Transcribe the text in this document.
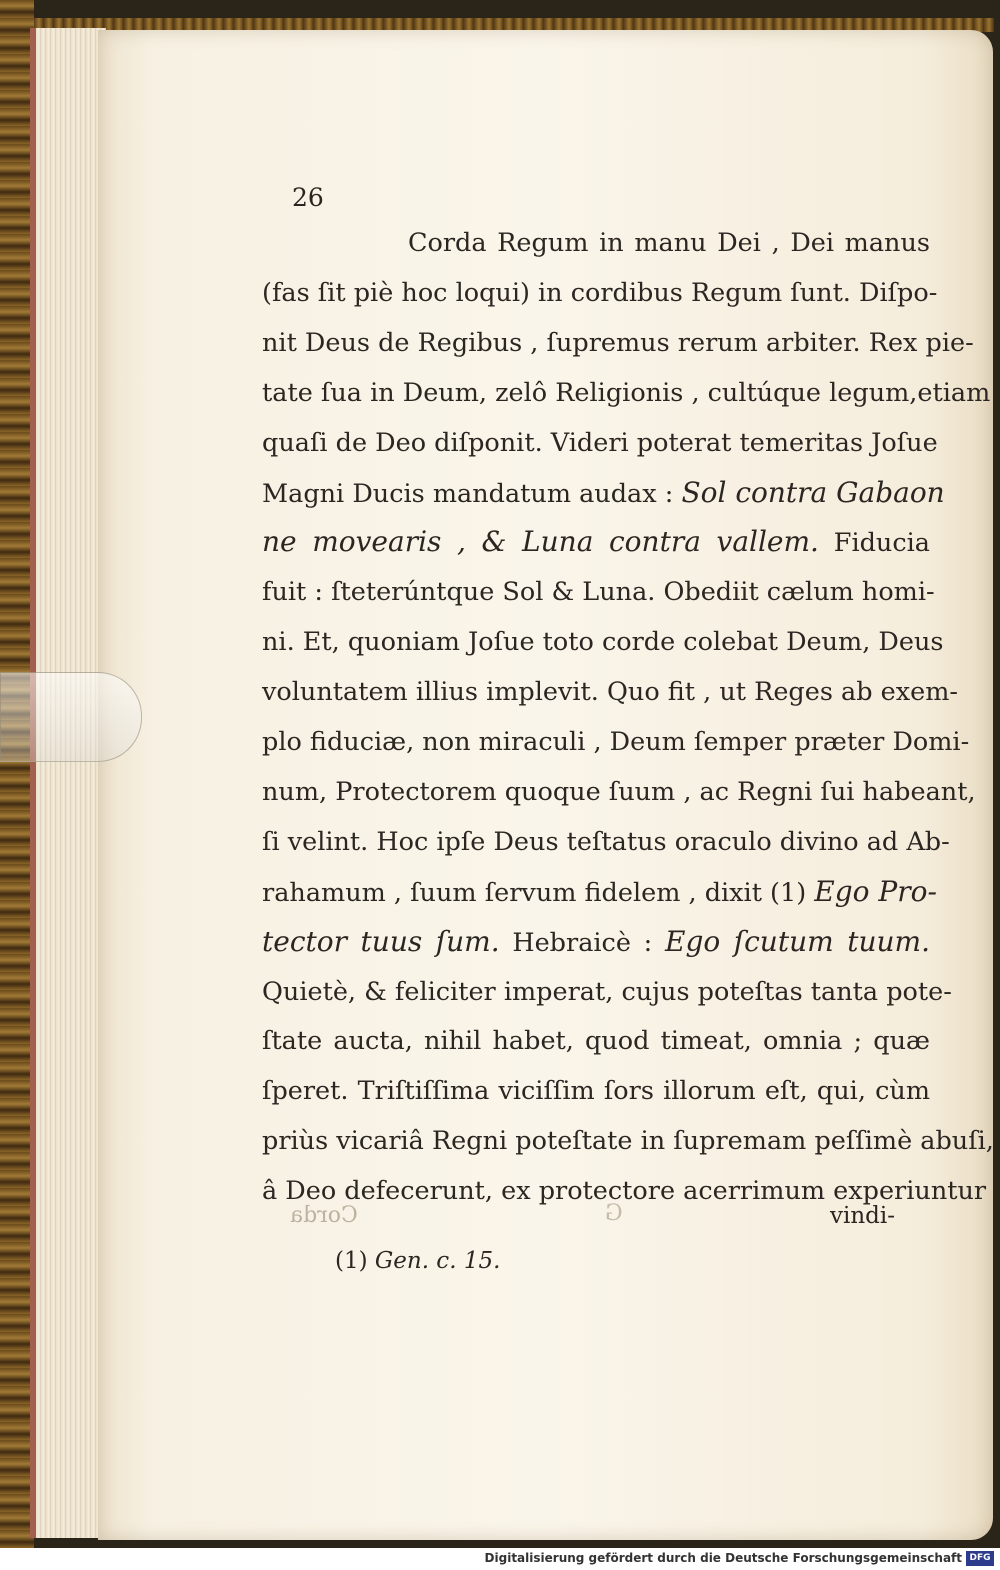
26

Corda Regum in manu Dei , Dei manus

(fas ſit piè hoc loqui) in cordibus Regum ſunt. Diſpo-

nit Deus de Regibus , ſupremus rerum arbiter. Rex pie-

tate ſua in Deum, zelô Religionis , cultúque legum,etiam

quaſi de Deo diſponit. Videri poterat temeritas Joſue

Magni Ducis mandatum audax : Sol contra Gabaon

ne movearis , & Luna contra vallem. Fiducia

fuit : ſteterúntque Sol & Luna. Obediit cælum homi-

ni. Et, quoniam Joſue toto corde colebat Deum, Deus

voluntatem illius implevit. Quo fit , ut Reges ab exem-

plo fiduciæ, non miraculi , Deum ſemper præter Domi-

num, Protectorem quoque ſuum , ac Regni ſui habeant,

ſi velint. Hoc ipſe Deus teſtatus oraculo divino ad Ab-

rahamum , ſuum ſervum fidelem , dixit (1) Ego Pro-

tector tuus ſum. Hebraicè : Ego ſcutum tuum.

Quietè, & feliciter imperat, cujus poteſtas tanta pote-

ſtate aucta, nihil habet, quod timeat, omnia ; quæ

ſperet. Triſtiſſima viciſſim ſors illorum eſt, qui, cùm

priùs vicariâ Regni poteſtate in ſupremam peſſimè abuſi,

â Deo defecerunt, ex protectore acerrimum experiuntur

Corda	G	vindi-

(1) Gen. c. 15.

Digitalisierung gefördert durch die Deutsche Forschungsgemeinschaft DFG
